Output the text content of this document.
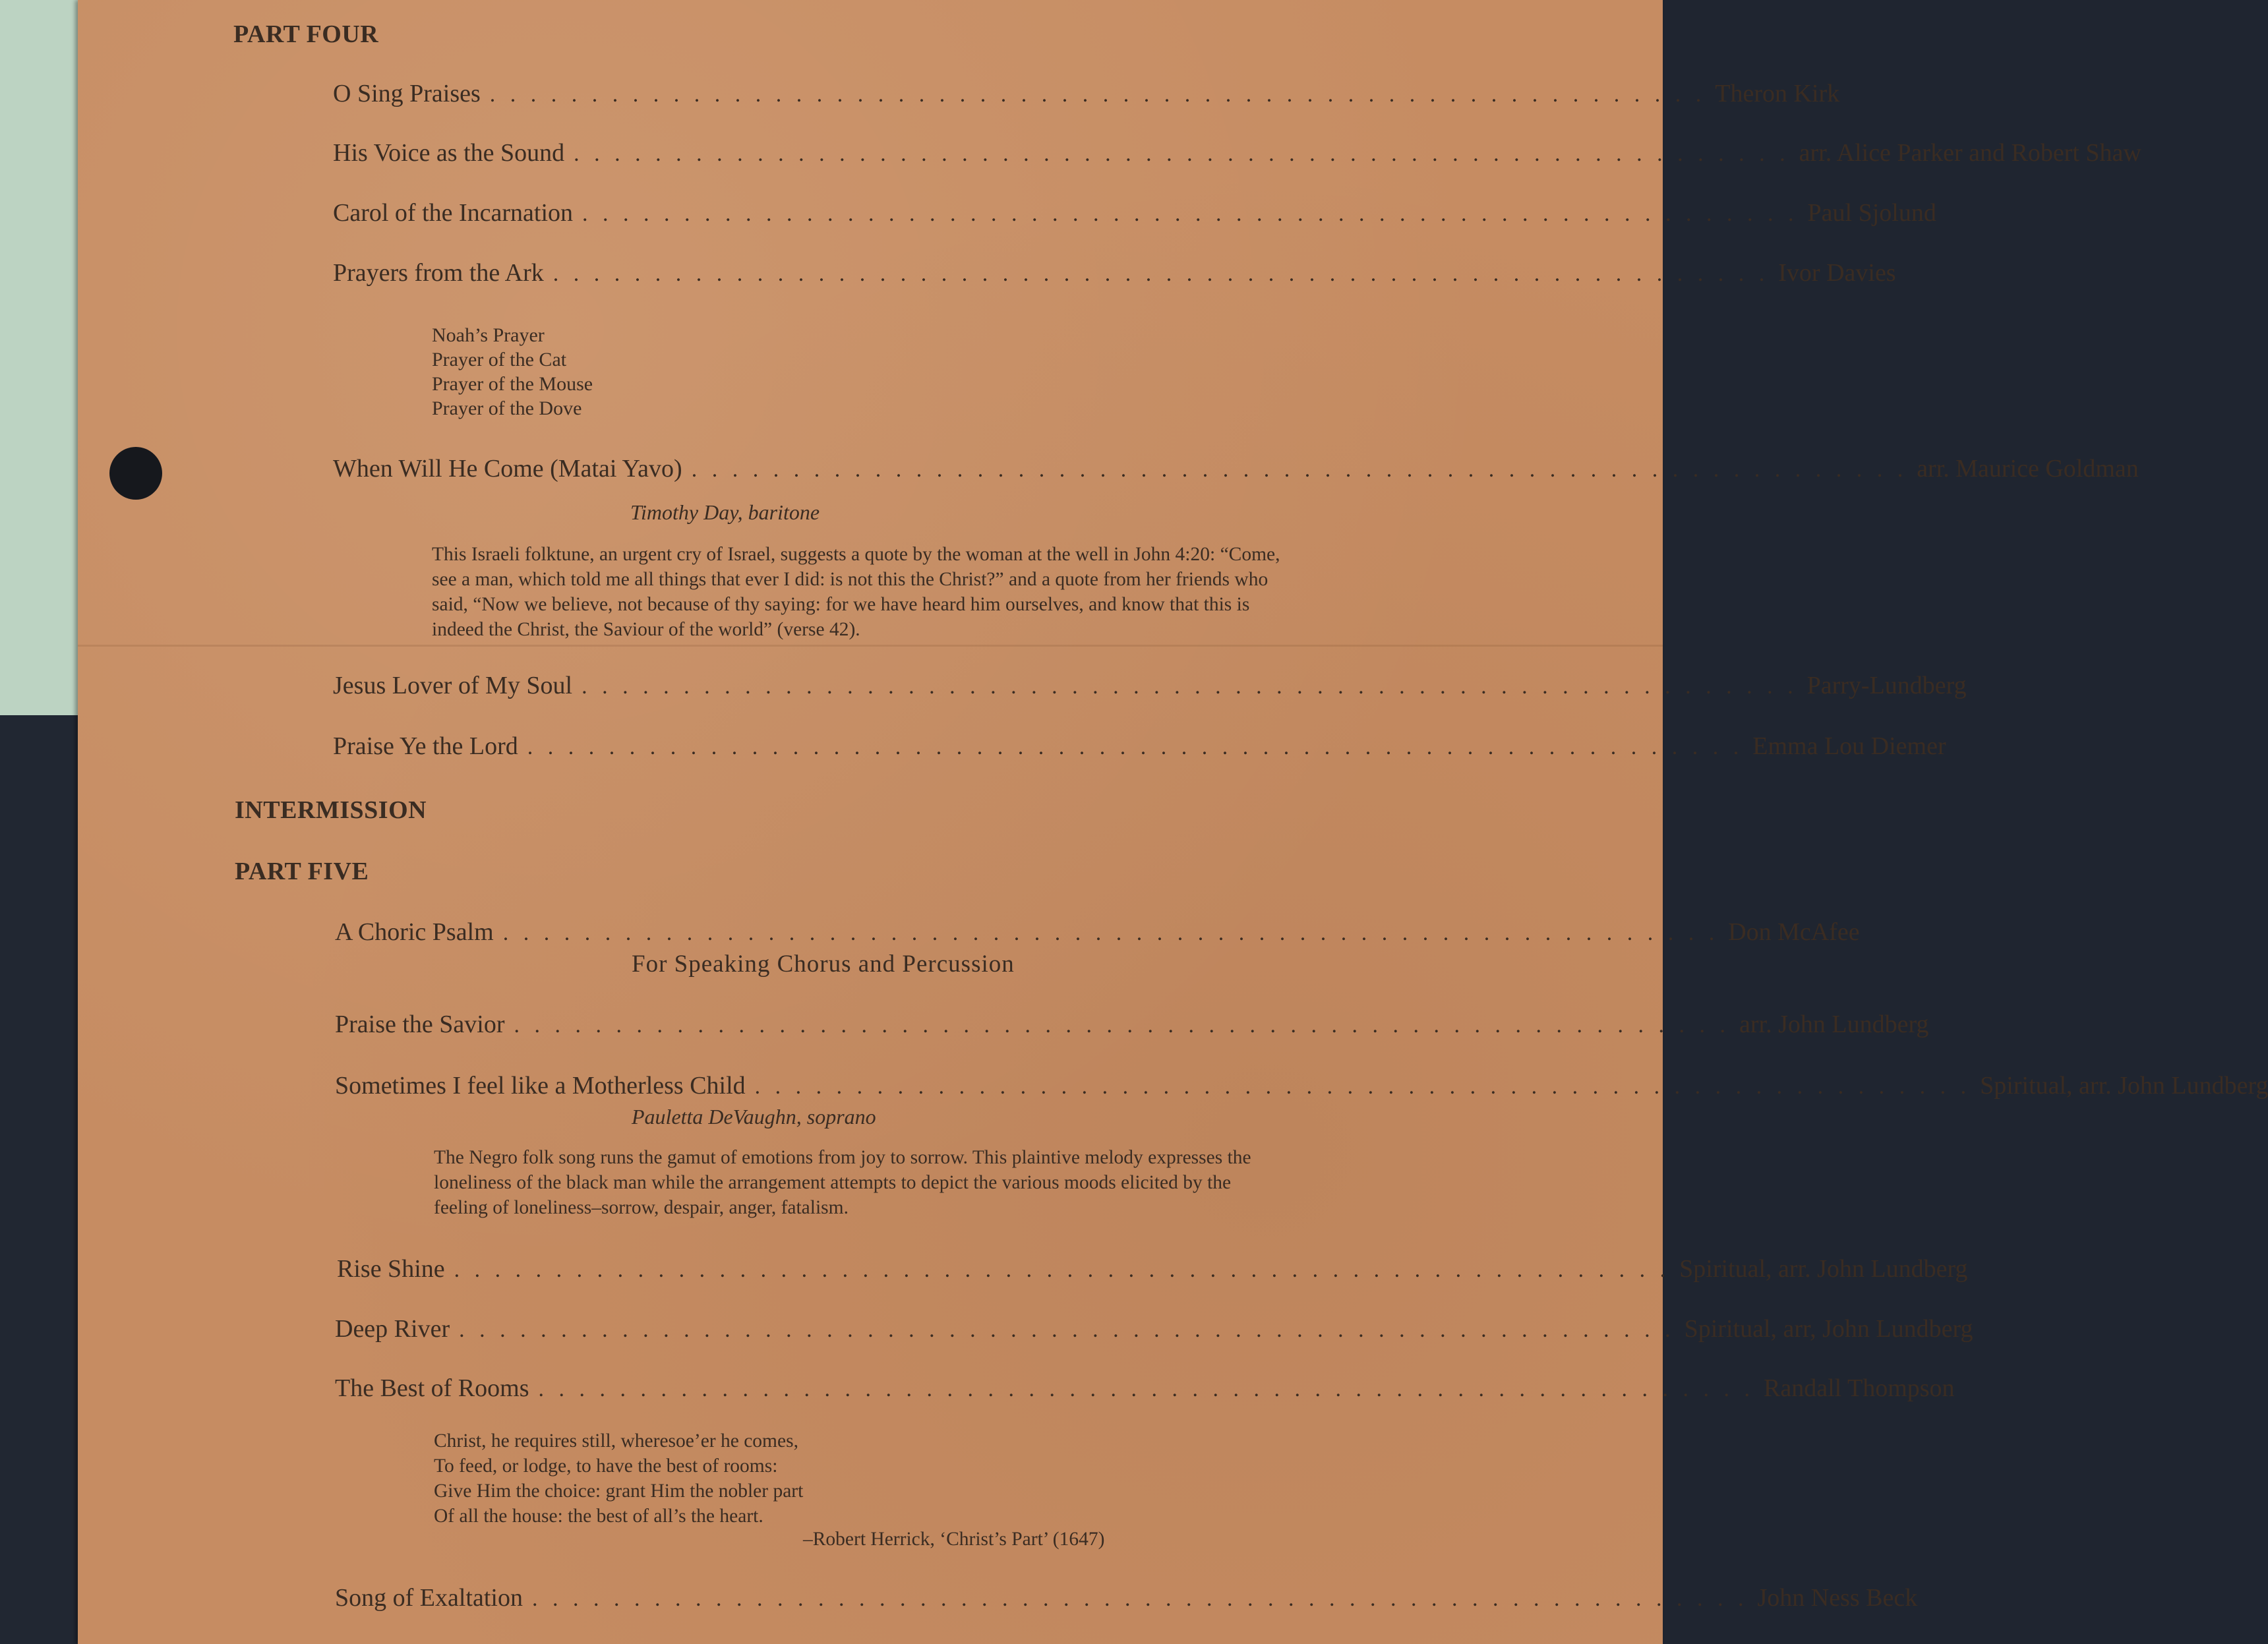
PART FOUR
O Sing Praises . . . . . . . . . . . . . . . . . . . . . . . . . . . . . . . . . . . . . . . . . . . . . . . . . . . . . . . . . . . . Theron Kirk
His Voice as the Sound . . . . . . . . . . . . . . . . . . . . . . . . . . . . . . . . . . . . . . . . . . . . . . . . . . . . . . . . . . . . arr. Alice Parker and Robert Shaw
Carol of the Incarnation . . . . . . . . . . . . . . . . . . . . . . . . . . . . . . . . . . . . . . . . . . . . . . . . . . . . . . . . . . . . Paul Sjolund
Prayers from the Ark . . . . . . . . . . . . . . . . . . . . . . . . . . . . . . . . . . . . . . . . . . . . . . . . . . . . . . . . . . . . Ivor Davies
Noah’s Prayer
Prayer of the Cat
Prayer of the Mouse
Prayer of the Dove
When Will He Come (Matai Yavo) . . . . . . . . . . . . . . . . . . . . . . . . . . . . . . . . . . . . . . . . . . . . . . . . . . . . . . . . . . . . arr. Maurice Goldman
Timothy Day, baritone
This Israeli folktune, an urgent cry of Israel, suggests a quote by the woman at the well in John 4:20: “Come,
see a man, which told me all things that ever I did: is not this the Christ?” and a quote from her friends who
said, “Now we believe, not because of thy saying: for we have heard him ourselves, and know that this is
indeed the Christ, the Saviour of the world” (verse 42).
Jesus Lover of My Soul . . . . . . . . . . . . . . . . . . . . . . . . . . . . . . . . . . . . . . . . . . . . . . . . . . . . . . . . . . . . Parry-Lundberg
Praise Ye the Lord . . . . . . . . . . . . . . . . . . . . . . . . . . . . . . . . . . . . . . . . . . . . . . . . . . . . . . . . . . . . Emma Lou Diemer
INTERMISSION
PART FIVE
A Choric Psalm . . . . . . . . . . . . . . . . . . . . . . . . . . . . . . . . . . . . . . . . . . . . . . . . . . . . . . . . . . . . Don McAfee
For Speaking Chorus and Percussion
Praise the Savior . . . . . . . . . . . . . . . . . . . . . . . . . . . . . . . . . . . . . . . . . . . . . . . . . . . . . . . . . . . . arr. John Lundberg
Sometimes I feel like a Motherless Child . . . . . . . . . . . . . . . . . . . . . . . . . . . . . . . . . . . . . . . . . . . . . . . . . . . . . . . . . . . . Spiritual, arr. John Lundberg
Pauletta DeVaughn, soprano
The Negro folk song runs the gamut of emotions from joy to sorrow. This plaintive melody expresses the
loneliness of the black man while the arrangement attempts to depict the various moods elicited by the
feeling of loneliness–sorrow, despair, anger, fatalism.
Rise Shine . . . . . . . . . . . . . . . . . . . . . . . . . . . . . . . . . . . . . . . . . . . . . . . . . . . . . . . . . . . . Spiritual, arr. John Lundberg
Deep River . . . . . . . . . . . . . . . . . . . . . . . . . . . . . . . . . . . . . . . . . . . . . . . . . . . . . . . . . . . . Spiritual, arr, John Lundberg
The Best of Rooms . . . . . . . . . . . . . . . . . . . . . . . . . . . . . . . . . . . . . . . . . . . . . . . . . . . . . . . . . . . . Randall Thompson
Christ, he requires still, wheresoe’er he comes,
To feed, or lodge, to have the best of rooms:
Give Him the choice: grant Him the nobler part
Of all the house: the best of all’s the heart.
–Robert Herrick, ‘Christ’s Part’ (1647)
Song of Exaltation . . . . . . . . . . . . . . . . . . . . . . . . . . . . . . . . . . . . . . . . . . . . . . . . . . . . . . . . . . . . John Ness Beck
